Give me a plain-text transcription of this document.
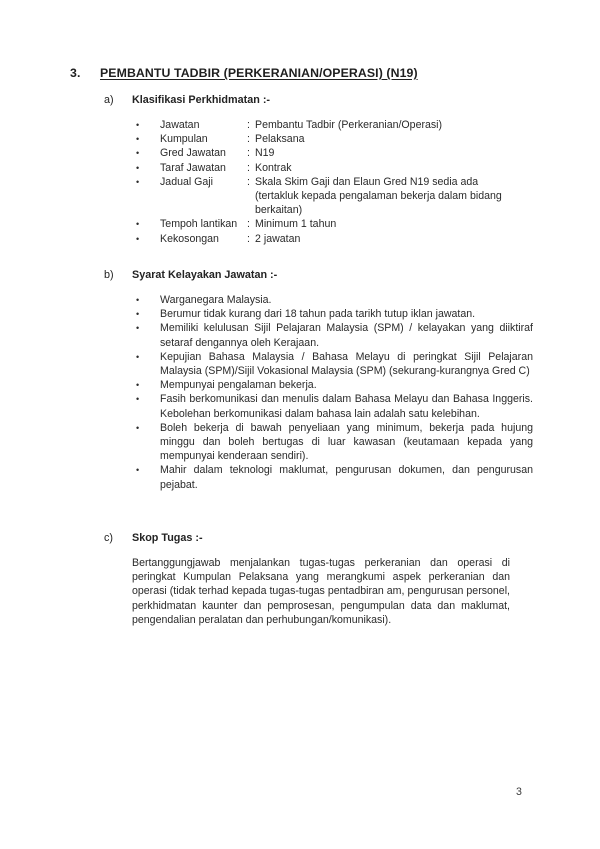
3.	PEMBANTU TADBIR (PERKERANIAN/OPERASI) (N19)
a)	Klasifikasi Perkhidmatan :-
•	Jawatan	: Pembantu Tadbir (Perkeranian/Operasi)
•	Kumpulan	: Pelaksana
•	Gred Jawatan	: N19
•	Taraf Jawatan	: Kontrak
•	Jadual Gaji	: Skala Skim Gaji dan Elaun Gred N19 sedia ada (tertakluk kepada pengalaman bekerja dalam bidang berkaitan)
•	Tempoh lantikan : Minimum 1 tahun
•	Kekosongan	: 2 jawatan
b)	Syarat Kelayakan Jawatan :-
•	Warganegara Malaysia.
•	Berumur tidak kurang dari 18 tahun pada tarikh tutup iklan jawatan.
•	Memiliki kelulusan Sijil Pelajaran Malaysia (SPM) / kelayakan yang diiktiraf setaraf dengannya oleh Kerajaan.
•	Kepujian Bahasa Malaysia / Bahasa Melayu di peringkat Sijil Pelajaran Malaysia (SPM)/Sijil Vokasional Malaysia (SPM) (sekurang-kurangnya Gred C)
•	Mempunyai pengalaman bekerja.
•	Fasih berkomunikasi dan menulis dalam Bahasa Melayu dan Bahasa Inggeris. Kebolehan berkomunikasi dalam bahasa lain adalah satu kelebihan.
•	Boleh bekerja di bawah penyeliaan yang minimum, bekerja pada hujung minggu dan boleh bertugas di luar kawasan (keutamaan kepada yang mempunyai kenderaan sendiri).
•	Mahir dalam teknologi maklumat, pengurusan dokumen, dan pengurusan pejabat.
c)	Skop Tugas :-
Bertanggungjawab menjalankan tugas-tugas perkeranian dan operasi di peringkat Kumpulan Pelaksana yang merangkumi aspek perkeranian dan operasi (tidak terhad kepada tugas-tugas pentadbiran am, pengurusan personel, perkhidmatan kaunter dan pemprosesan, pengumpulan data dan maklumat, pengendalian peralatan dan perhubungan/komunikasi).
3
